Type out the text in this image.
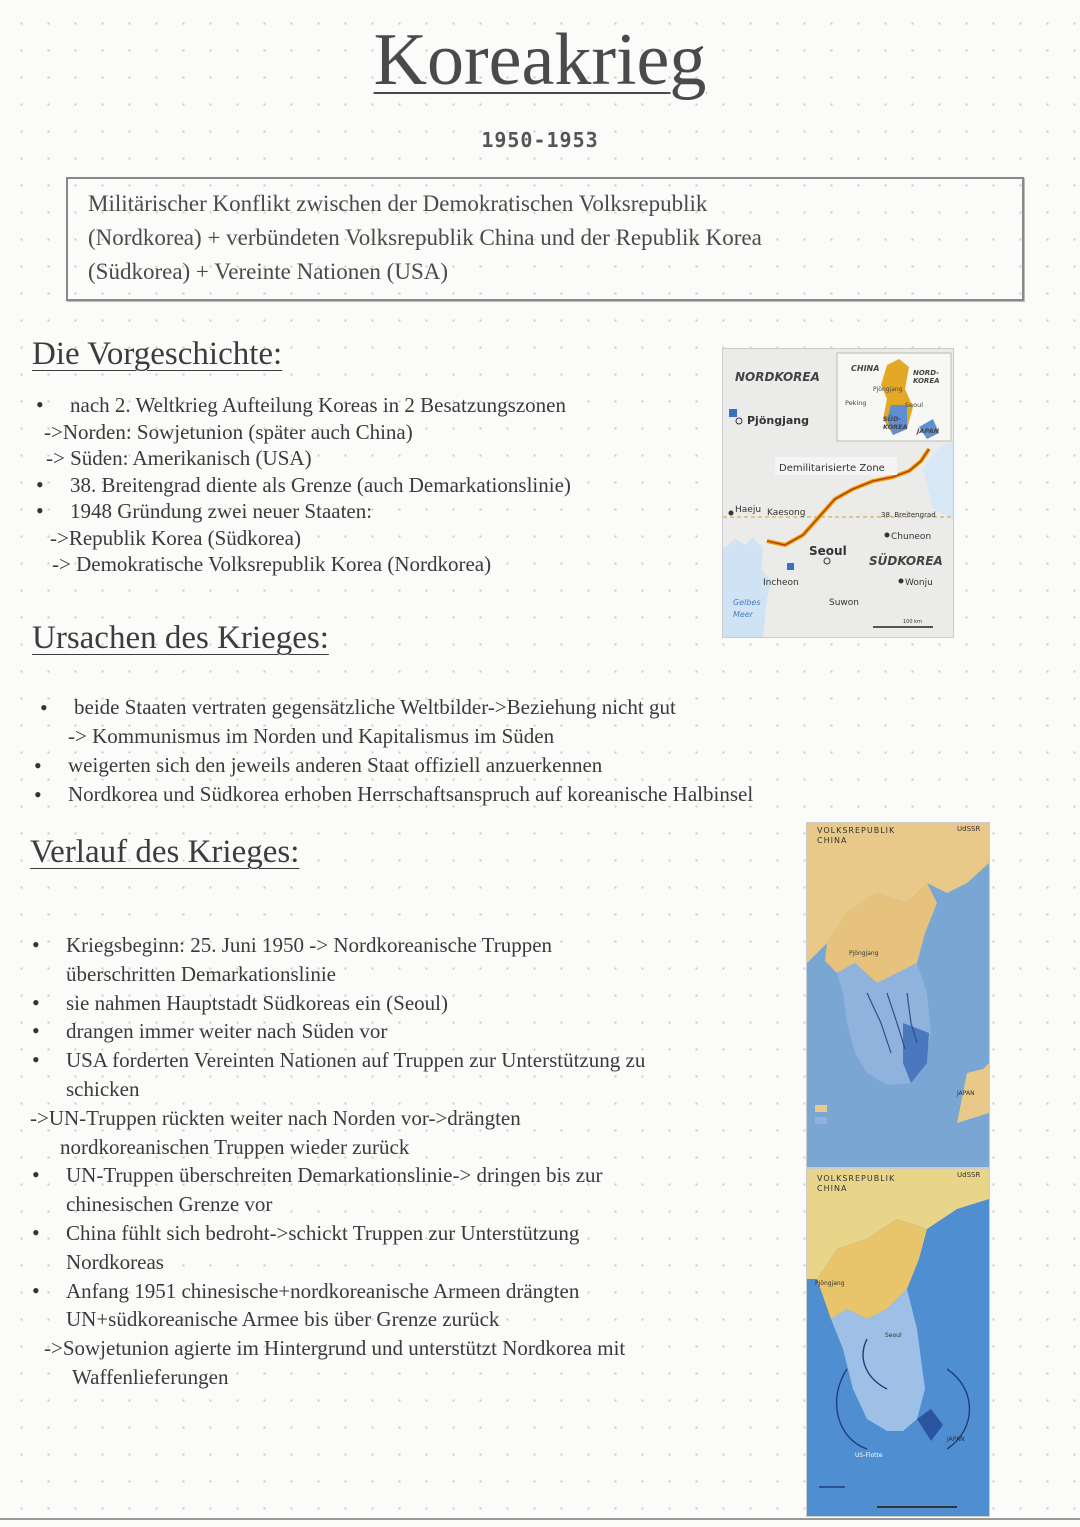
Koreakrieg
1950-1953
Militärischer Konflikt zwischen der Demokratischen Volksrepublik
(Nordkorea) + verbündeten Volksrepublik China und der Republik Korea
(Südkorea) + Vereinte Nationen (USA)
Die Vorgeschichte:
• nach 2. Weltkrieg Aufteilung Koreas in 2 Besatzungszonen
->Norden: Sowjetunion (später auch China)
-> Süden: Amerikanisch (USA)
• 38. Breitengrad diente als Grenze (auch Demarkationslinie)
• 1948 Gründung zwei neuer Staaten:
->Republik Korea (Südkorea)
-> Demokratische Volksrepublik Korea (Nordkorea)
CHINA	NORD-
KOREA
Peking
Pjöngjang
Seoul
SÜD-
KOREA	JAPAN
NORDKOREA
Pjöngjang
Demilitarisierte Zone
Haeju Kaesong	38. Breitengrad
Chuneon
Seoul
SÜDKOREA
Incheon	Wonju
Suwon
Gelbes
Meer
100 km
Ursachen des Krieges:
• beide Staaten vertraten gegensätzliche Weltbilder->Beziehung nicht gut
-> Kommunismus im Norden und Kapitalismus im Süden
• weigerten sich den jeweils anderen Staat offiziell anzuerkennen
• Nordkorea und Südkorea erhoben Herrschaftsanspruch auf koreanische Halbinsel
Verlauf des Krieges:
• Kriegsbeginn: 25. Juni 1950 -> Nordkoreanische Truppen
überschritten Demarkationslinie
• sie nahmen Hauptstadt Südkoreas ein (Seoul)
• drangen immer weiter nach Süden vor
• USA forderten Vereinten Nationen auf Truppen zur Unterstützung zu
schicken
->UN-Truppen rückten weiter nach Norden vor->drängten
nordkoreanischen Truppen wieder zurück
• UN-Truppen überschreiten Demarkationslinie-> dringen bis zur
chinesischen Grenze vor
• China fühlt sich bedroht->schickt Truppen zur Unterstützung
Nordkoreas
• Anfang 1951 chinesische+nordkoreanische Armeen drängten
UN+südkoreanische Armee bis über Grenze zurück
->Sowjetunion agierte im Hintergrund und unterstützt Nordkorea mit
Waffenlieferungen
VOLKSREPUBLIK
CHINA
UdSSR
Pjöngjang
JAPAN
VOLKSREPUBLIK
CHINA
UdSSR
Pjöngjang
Seoul
JAPAN
US-Flotte
